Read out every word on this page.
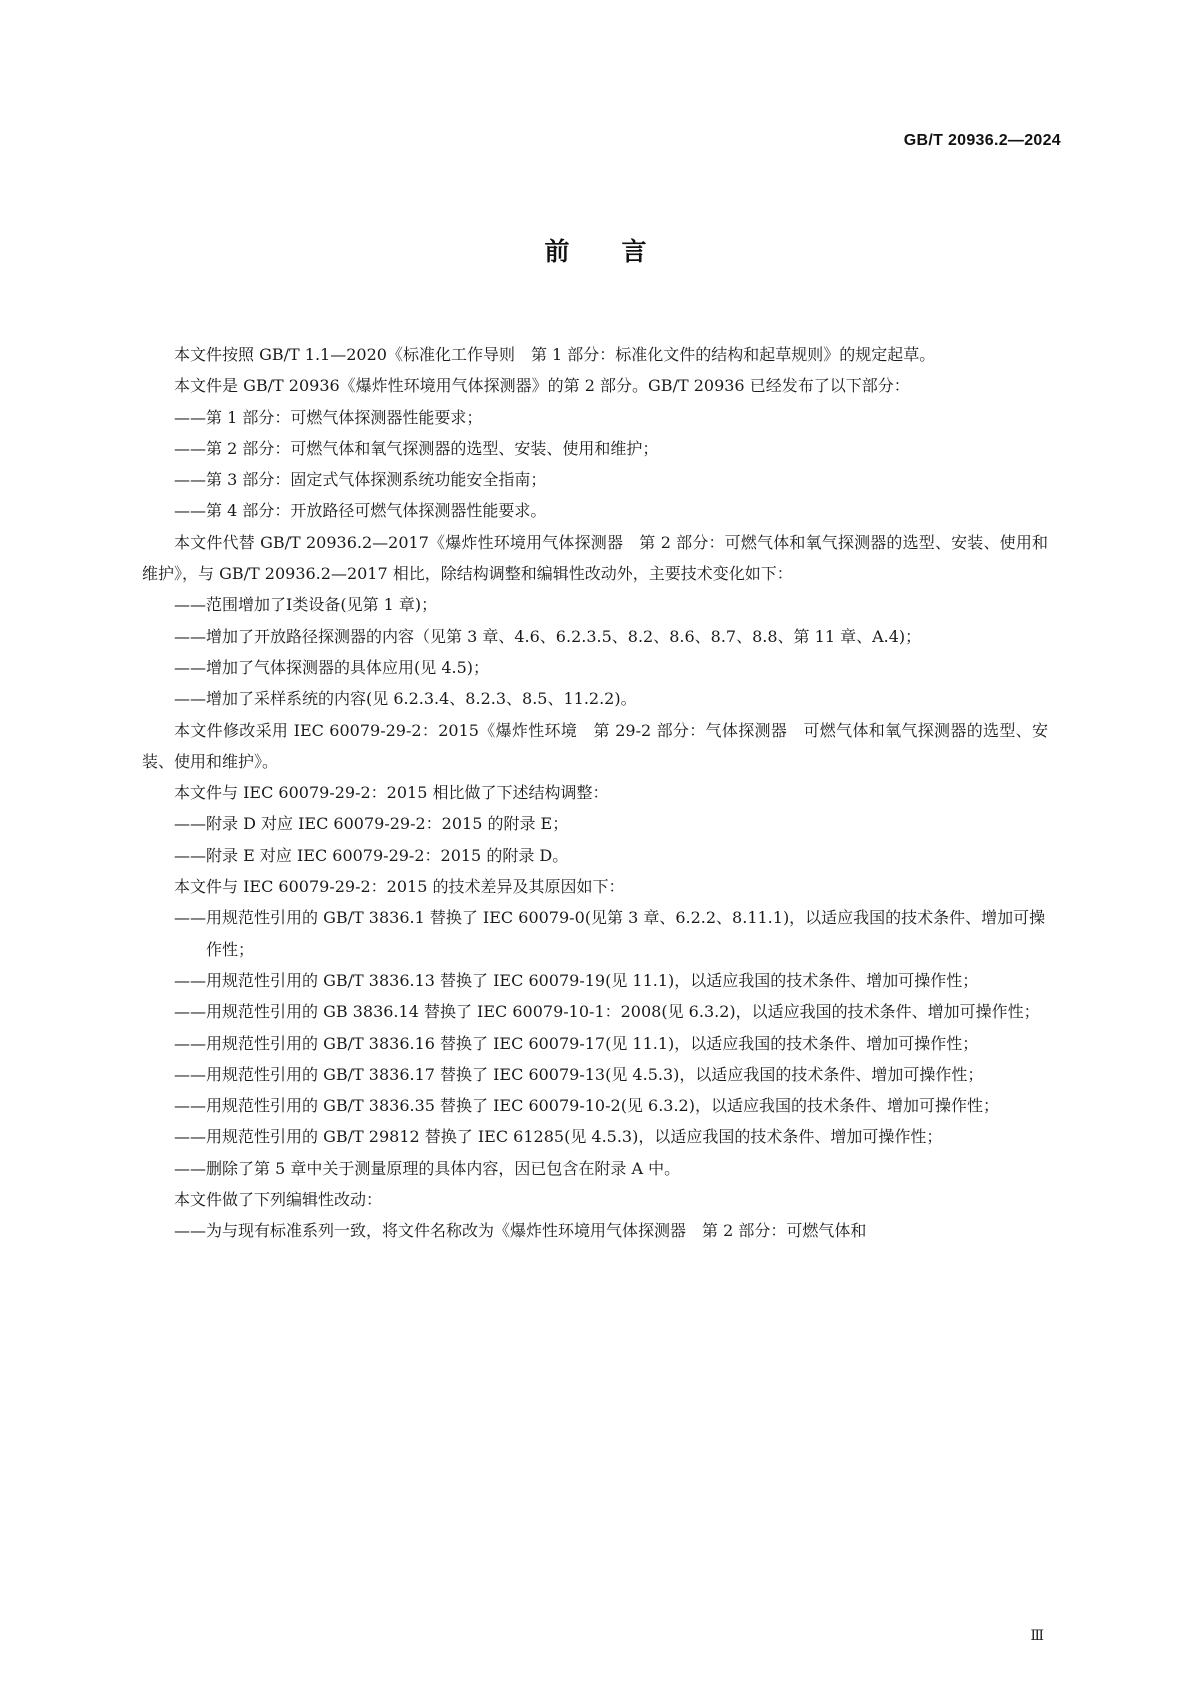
GB/T 20936.2—2024
前 言

本文件按照 GB/T 1.1—2020《标准化工作导则　第 1 部分：标准化文件的结构和起草规则》的规定起草。

本文件是 GB/T 20936《爆炸性环境用气体探测器》的第 2 部分。GB/T 20936 已经发布了以下部分：

——第 1 部分：可燃气体探测器性能要求；

——第 2 部分：可燃气体和氧气探测器的选型、安装、使用和维护；

——第 3 部分：固定式气体探测系统功能安全指南；

——第 4 部分：开放路径可燃气体探测器性能要求。

本文件代替 GB/T 20936.2—2017《爆炸性环境用气体探测器　第 2 部分：可燃气体和氧气探测器的选型、安装、使用和维护》，与 GB/T 20936.2—2017 相比，除结构调整和编辑性改动外，主要技术变化如下：

——范围增加了Ⅰ类设备(见第 1 章)；

——增加了开放路径探测器的内容（见第 3 章、4.6、6.2.3.5、8.2、8.6、8.7、8.8、第 11 章、A.4)；

——增加了气体探测器的具体应用(见 4.5)；

——增加了采样系统的内容(见 6.2.3.4、8.2.3、8.5、11.2.2)。

本文件修改采用 IEC 60079-29-2：2015《爆炸性环境　第 29-2 部分：气体探测器　可燃气体和氧气探测器的选型、安装、使用和维护》。

本文件与 IEC 60079-29-2：2015 相比做了下述结构调整：

——附录 D 对应 IEC 60079-29-2：2015 的附录 E；

——附录 E 对应 IEC 60079-29-2：2015 的附录 D。

本文件与 IEC 60079-29-2：2015 的技术差异及其原因如下：

——用规范性引用的 GB/T 3836.1 替换了 IEC 60079-0(见第 3 章、6.2.2、8.11.1)，以适应我国的技术条件、增加可操作性；

——用规范性引用的 GB/T 3836.13 替换了 IEC 60079-19(见 11.1)，以适应我国的技术条件、增加可操作性；

——用规范性引用的 GB 3836.14 替换了 IEC 60079-10-1：2008(见 6.3.2)，以适应我国的技术条件、增加可操作性；

——用规范性引用的 GB/T 3836.16 替换了 IEC 60079-17(见 11.1)，以适应我国的技术条件、增加可操作性；

——用规范性引用的 GB/T 3836.17 替换了 IEC 60079-13(见 4.5.3)，以适应我国的技术条件、增加可操作性；

——用规范性引用的 GB/T 3836.35 替换了 IEC 60079-10-2(见 6.3.2)，以适应我国的技术条件、增加可操作性；

——用规范性引用的 GB/T 29812 替换了 IEC 61285(见 4.5.3)，以适应我国的技术条件、增加可操作性；

——删除了第 5 章中关于测量原理的具体内容，因已包含在附录 A 中。

本文件做了下列编辑性改动：

——为与现有标准系列一致，将文件名称改为《爆炸性环境用气体探测器　第 2 部分：可燃气体和

Ⅲ
